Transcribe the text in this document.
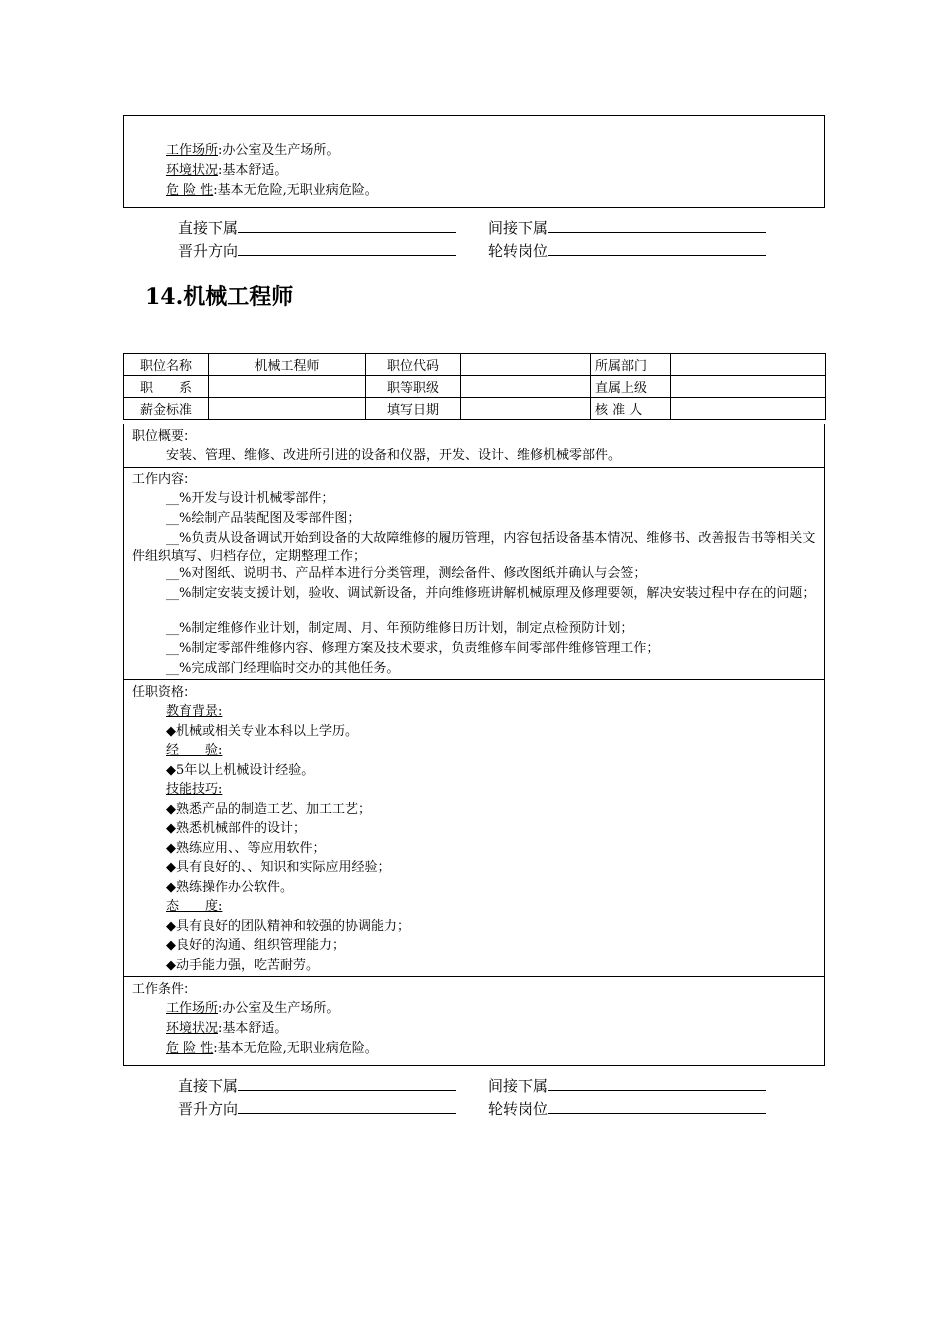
工作场所:办公室及生产场所。
环境状况:基本舒适。
危 险 性:基本无危险,无职业病危险。
直接下属	间接下属
晋升方向	轮转岗位
14.机械工程师
职位名称	机械工程师	职位代码		所属部门	
职　　系		职等职级		直属上级	
薪金标准		填写日期		核 准 人	
职位概要:
安装、管理、维修、改进所引进的设备和仪器，开发、设计、维修机械零部件。
工作内容:
__ %开发与设计机械零部件；
__ %绘制产品装配图及零部件图；
__ %负责从设备调试开始到设备的大故障维修的履历管理，内容包括设备基本情况、维修书、改善报告书等相关文件组织填写、归档存位，定期整理工作；
__ %对图纸、说明书、产品样本进行分类管理，测绘备件、修改图纸并确认与会签；
__ %制定安装支援计划，验收、调试新设备，并向维修班讲解机械原理及修理要领，解决安装过程中存在的问题；
__ %制定维修作业计划，制定周、月、年预防维修日历计划，制定点检预防计划；
__ %制定零部件维修内容、修理方案及技术要求，负责维修车间零部件维修管理工作；
__ %完成部门经理临时交办的其他任务。
任职资格:
教育背景:
◆机械或相关专业本科以上学历。
经　　验:
◆5年以上机械设计经验。
技能技巧:
◆熟悉产品的制造工艺、加工工艺；
◆熟悉机械部件的设计；
◆熟练应用、、等应用软件；
◆具有良好的、、知识和实际应用经验；
◆熟练操作办公软件。
态　　度:
◆具有良好的团队精神和较强的协调能力；
◆良好的沟通、组织管理能力；
◆动手能力强，吃苦耐劳。
工作条件:
工作场所:办公室及生产场所。
环境状况:基本舒适。
危 险 性:基本无危险,无职业病危险。
直接下属	间接下属
晋升方向	轮转岗位
